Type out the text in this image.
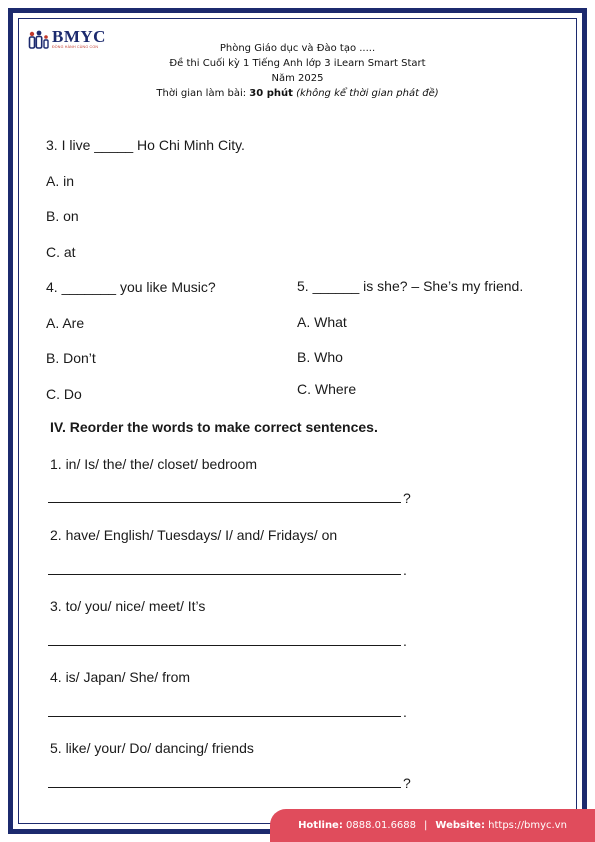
BMYC
ĐỒNG HÀNH CÙNG CON	Phòng Giáo dục và Đào tạo .....
Đề thi Cuối kỳ 1 Tiếng Anh lớp 3 iLearn Smart Start
Năm 2025
Thời gian làm bài: 30 phút (không kể thời gian phát đề)
3. I live _____ Ho Chi Minh City.
A. in
B. on
C. at
4. _______ you like Music?
A. Are
B. Don’t
C. Do
5. ______ is she? – She’s my friend.
A. What
B. Who
C. Where
IV. Reorder the words to make correct sentences.
1. in/ Is/ the/ the/ closet/ bedroom
?
2. have/ English/ Tuesdays/ I/ and/ Fridays/ on
.
3. to/ you/ nice/ meet/ It’s
.
4. is/ Japan/ She/ from
.
5. like/ your/ Do/ dancing/ friends
?
Hotline:
0888.01.6688 | Website:
https://bmyc.vn
